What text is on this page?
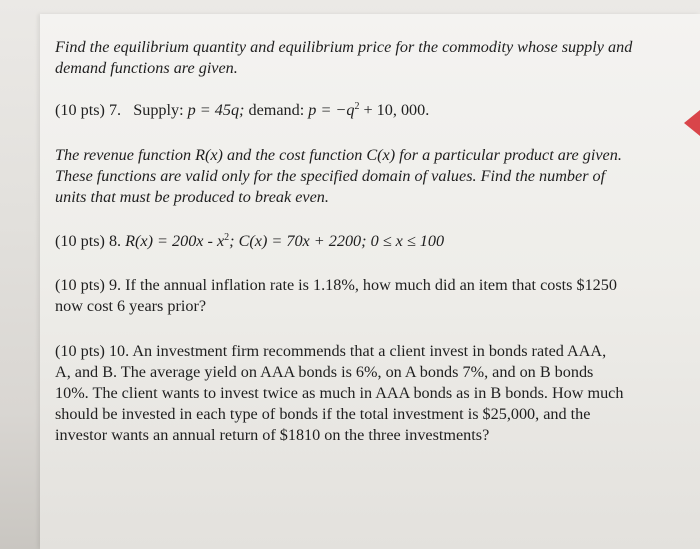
Find the equilibrium quantity and equilibrium price for the commodity whose supply and
demand functions are given.
(10 pts) 7. Supply: p = 45q; demand: $p = -q^2 + 10$, 000.
The revenue function R(x) and the cost function C(x) for a particular product are given.
These functions are valid only for the specified domain of values. Find the number of
units that must be produced to break even.
(10 pts) 8. $R(x) = 200x - x^2$; C(x) = 70x + 2200; 0 ≤ x ≤ 100
(10 pts) 9. If the annual inflation rate is 1.18%, how much did an item that costs $1250
now cost 6 years prior?
(10 pts) 10. An investment firm recommends that a client invest in bonds rated AAA,
A, and B. The average yield on AAA bonds is 6%, on A bonds 7%, and on B bonds
10%. The client wants to invest twice as much in AAA bonds as in B bonds. How much
should be invested in each type of bonds if the total investment is $25,000, and the
investor wants an annual return of $1810 on the three investments?
